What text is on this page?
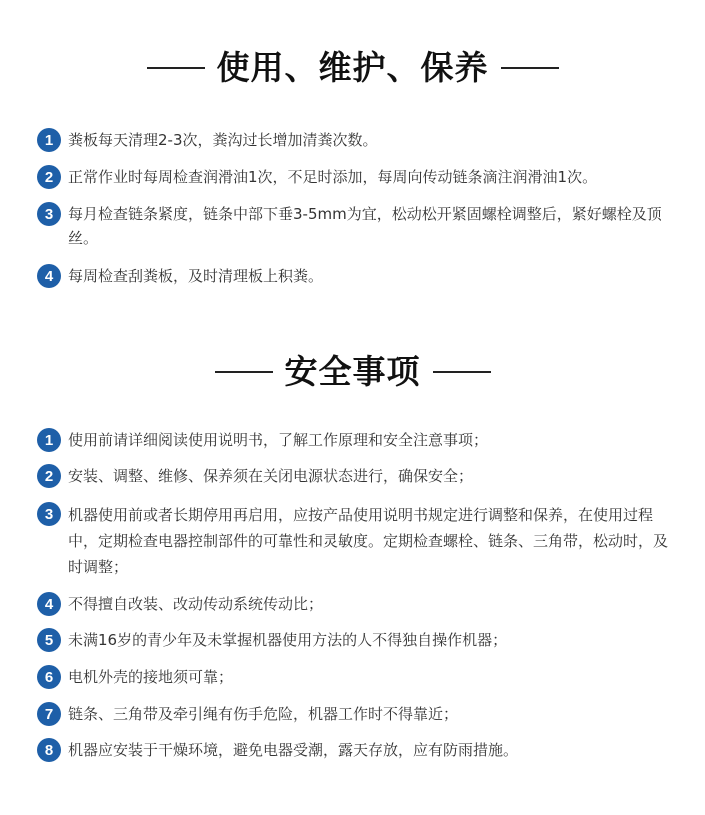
使用、维护、保养
1 粪板每天清理2-3次，粪沟过长增加清粪次数。
2 正常作业时每周检查润滑油1次，不足时添加，每周向传动链条滴注润滑油1次。
3 每月检查链条紧度，链条中部下垂3-5mm为宜，松动松开紧固螺栓调整后，紧好螺栓及顶丝。
4 每周检查刮粪板，及时清理板上积粪。
安全事项
1 使用前请详细阅读使用说明书，了解工作原理和安全注意事项；
2 安装、调整、维修、保养须在关闭电源状态进行，确保安全；
3 机器使用前或者长期停用再启用，应按产品使用说明书规定进行调整和保养，在使用过程中，定期检查电器控制部件的可靠性和灵敏度。定期检查螺栓、链条、三角带，松动时，及时调整；
4 不得擅自改装、改动传动系统传动比；
5 未满16岁的青少年及未掌握机器使用方法的人不得独自操作机器；
6 电机外壳的接地须可靠；
7 链条、三角带及牵引绳有伤手危险，机器工作时不得靠近；
8 机器应安装于干燥环境，避免电器受潮，露天存放，应有防雨措施。
